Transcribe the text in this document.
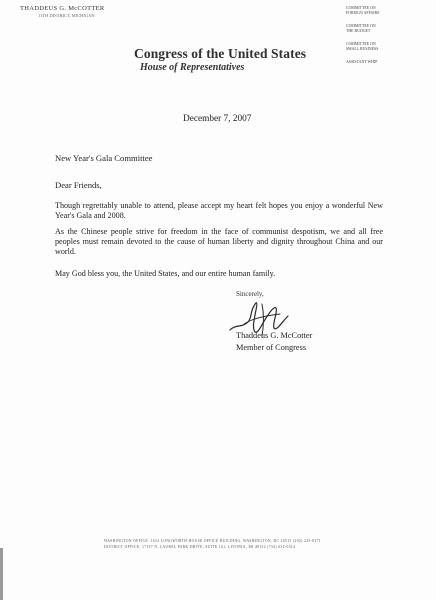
THADDEUS G. McCOTTER
11TH DISTRICT, MICHIGAN
Congress of the United States
House of Representatives
COMMITTEE ON
FOREIGN AFFAIRS
COMMITTEE ON
THE BUDGET
COMMITTEE ON
SMALL BUSINESS
ASSISTANT WHIP
December 7, 2007
New Year's Gala Committee
Dear Friends,
Though regrettably unable to attend, please accept my heart felt hopes you enjoy a wonderful New Year's Gala and 2008.
As the Chinese people strive for freedom in the face of communist despotism, we and all free peoples must remain devoted to the cause of human liberty and dignity throughout China and our world.
May God bless you, the United States, and our entire human family.
Sincerely,
Thaddeus G. McCotter
Member of Congress
WASHINGTON OFFICE: 1632 LONGWORTH HOUSE OFFICE BUILDING, WASHINGTON, DC 20515 (202) 225-8171
DISTRICT OFFICE: 17197 N. LAUREL PARK DRIVE, SUITE 161, LIVONIA, MI 48152 (734) 632-0314
